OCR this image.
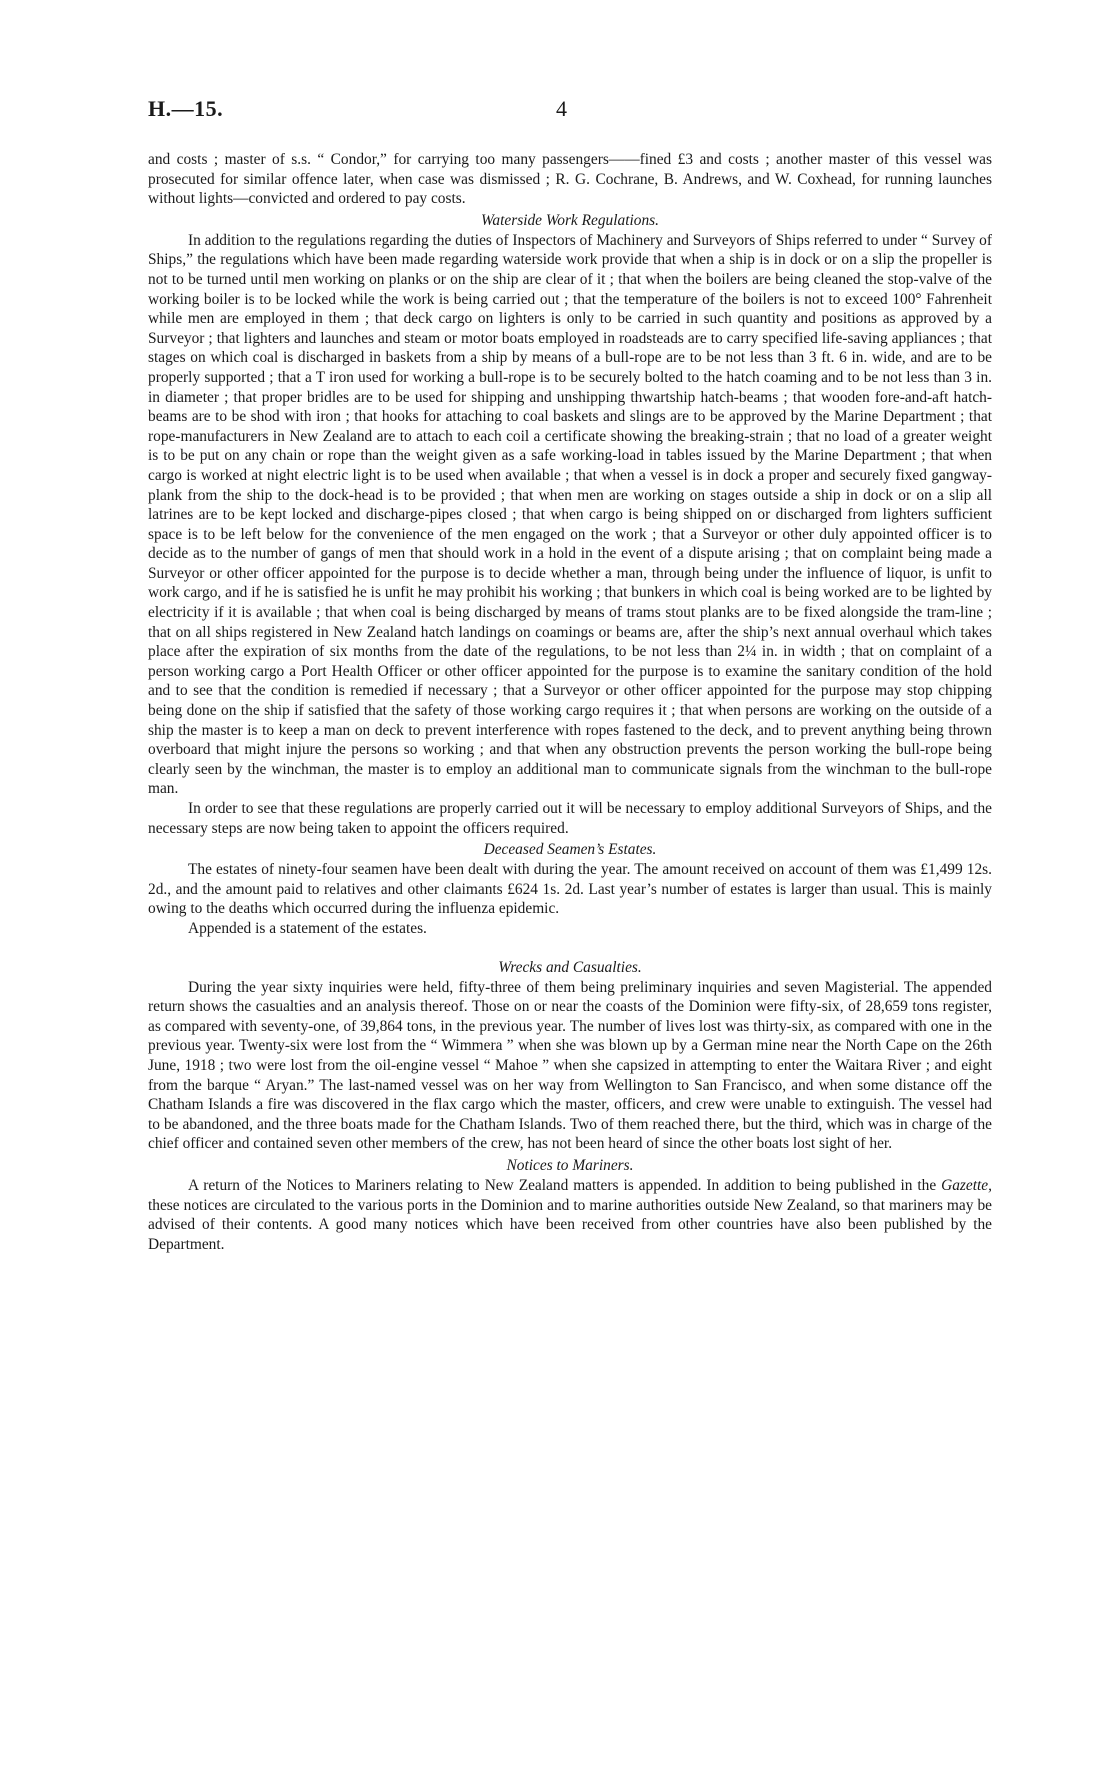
H.—15.	4

and costs ; master of s.s. “ Condor,” for carrying too many passengers——fined £3 and costs ; another master of this vessel was prosecuted for similar offence later, when case was dismissed ; R. G. Cochrane, B. Andrews, and W. Coxhead, for running launches without lights—convicted and ordered to pay costs.

Waterside Work Regulations.

In addition to the regulations regarding the duties of Inspectors of Machinery and Surveyors of Ships referred to under “ Survey of Ships,” the regulations which have been made regarding waterside work provide that when a ship is in dock or on a slip the propeller is not to be turned until men working on planks or on the ship are clear of it ; that when the boilers are being cleaned the stop-valve of the working boiler is to be locked while the work is being carried out ; that the temperature of the boilers is not to exceed 100° Fahrenheit while men are employed in them ; that deck cargo on lighters is only to be carried in such quantity and positions as approved by a Surveyor ; that lighters and launches and steam or motor boats employed in roadsteads are to carry specified life-saving appliances ; that stages on which coal is discharged in baskets from a ship by means of a bull-rope are to be not less than 3 ft. 6 in. wide, and are to be properly supported ; that a T iron used for working a bull-rope is to be securely bolted to the hatch coaming and to be not less than 3 in. in diameter ; that proper bridles are to be used for shipping and unshipping thwartship hatch-beams ; that wooden fore-and-aft hatch-beams are to be shod with iron ; that hooks for attaching to coal baskets and slings are to be approved by the Marine Department ; that rope-manufacturers in New Zealand are to attach to each coil a certificate showing the breaking-strain ; that no load of a greater weight is to be put on any chain or rope than the weight given as a safe working-load in tables issued by the Marine Department ; that when cargo is worked at night electric light is to be used when available ; that when a vessel is in dock a proper and securely fixed gangway-plank from the ship to the dock-head is to be provided ; that when men are working on stages outside a ship in dock or on a slip all latrines are to be kept locked and discharge-pipes closed ; that when cargo is being shipped on or discharged from lighters sufficient space is to be left below for the convenience of the men engaged on the work ; that a Surveyor or other duly appointed officer is to decide as to the number of gangs of men that should work in a hold in the event of a dispute arising ; that on complaint being made a Surveyor or other officer appointed for the purpose is to decide whether a man, through being under the influence of liquor, is unfit to work cargo, and if he is satisfied he is unfit he may prohibit his working ; that bunkers in which coal is being worked are to be lighted by electricity if it is available ; that when coal is being discharged by means of trams stout planks are to be fixed alongside the tram-line ; that on all ships registered in New Zealand hatch landings on coamings or beams are, after the ship’s next annual overhaul which takes place after the expiration of six months from the date of the regulations, to be not less than 2¼ in. in width ; that on complaint of a person working cargo a Port Health Officer or other officer appointed for the purpose is to examine the sanitary condition of the hold and to see that the condition is remedied if necessary ; that a Surveyor or other officer appointed for the purpose may stop chipping being done on the ship if satisfied that the safety of those working cargo requires it ; that when persons are working on the outside of a ship the master is to keep a man on deck to prevent interference with ropes fastened to the deck, and to prevent anything being thrown overboard that might injure the persons so working ; and that when any obstruction prevents the person working the bull-rope being clearly seen by the winchman, the master is to employ an additional man to communicate signals from the winchman to the bull-rope man.

In order to see that these regulations are properly carried out it will be necessary to employ additional Surveyors of Ships, and the necessary steps are now being taken to appoint the officers required.

Deceased Seamen’s Estates.

The estates of ninety-four seamen have been dealt with during the year. The amount received on account of them was £1,499 12s. 2d., and the amount paid to relatives and other claimants £624 1s. 2d. Last year’s number of estates is larger than usual. This is mainly owing to the deaths which occurred during the influenza epidemic.

Appended is a statement of the estates.

Wrecks and Casualties.

During the year sixty inquiries were held, fifty-three of them being preliminary inquiries and seven Magisterial. The appended return shows the casualties and an analysis thereof. Those on or near the coasts of the Dominion were fifty-six, of 28,659 tons register, as compared with seventy-one, of 39,864 tons, in the previous year. The number of lives lost was thirty-six, as compared with one in the previous year. Twenty-six were lost from the “ Wimmera ” when she was blown up by a German mine near the North Cape on the 26th June, 1918 ; two were lost from the oil-engine vessel “ Mahoe ” when she capsized in attempting to enter the Waitara River ; and eight from the barque “ Aryan.” The last-named vessel was on her way from Wellington to San Francisco, and when some distance off the Chatham Islands a fire was discovered in the flax cargo which the master, officers, and crew were unable to extinguish. The vessel had to be abandoned, and the three boats made for the Chatham Islands. Two of them reached there, but the third, which was in charge of the chief officer and contained seven other members of the crew, has not been heard of since the other boats lost sight of her.

Notices to Mariners.

A return of the Notices to Mariners relating to New Zealand matters is appended. In addition to being published in the Gazette, these notices are circulated to the various ports in the Dominion and to marine authorities outside New Zealand, so that mariners may be advised of their contents. A good many notices which have been received from other countries have also been published by the Department.
